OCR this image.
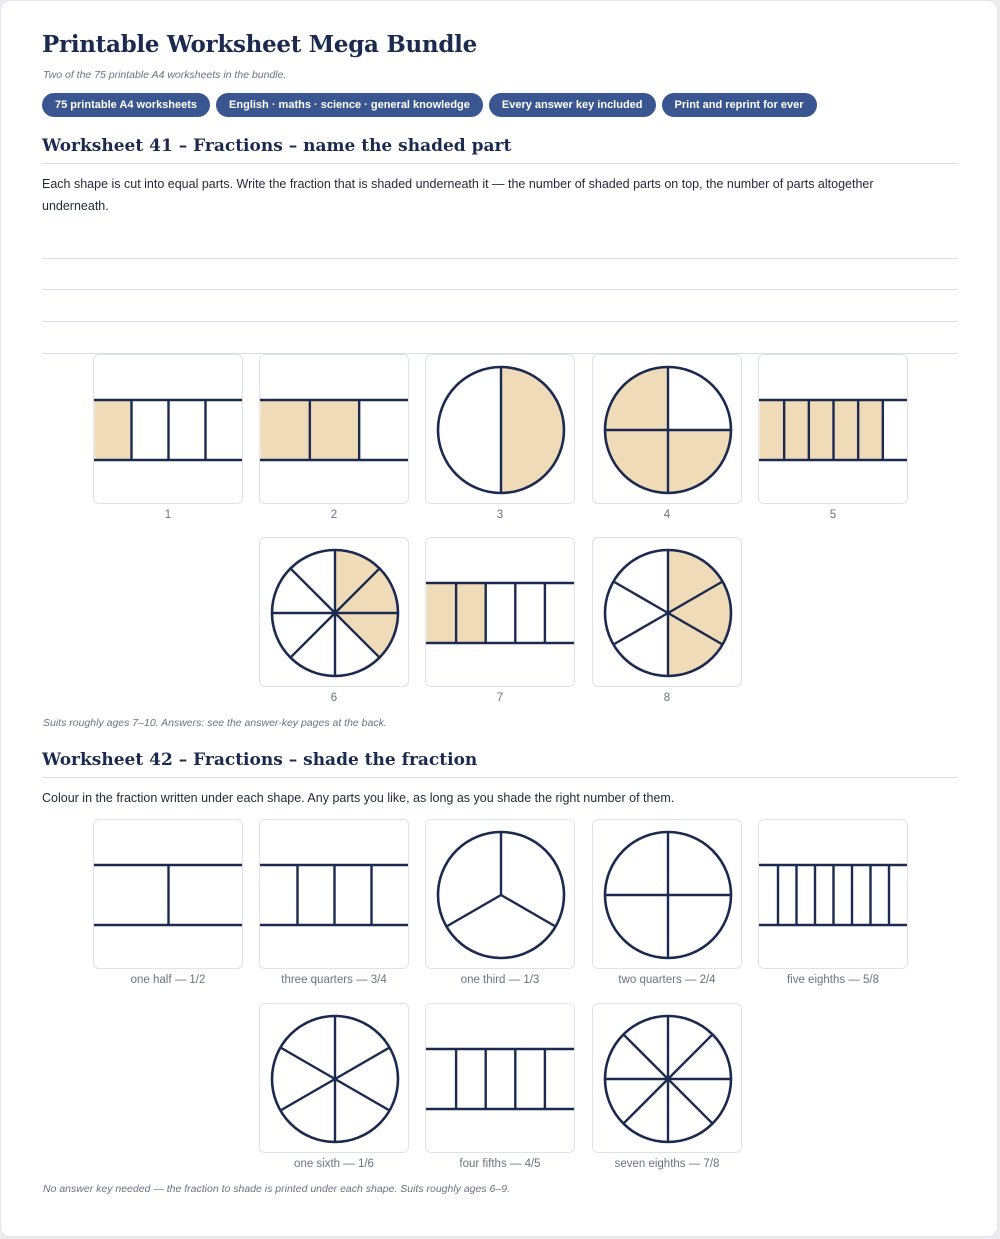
Printable Worksheet Mega Bundle
Two of the 75 printable A4 worksheets in the bundle.
75 printable A4 worksheets	English · maths · science · general knowledge	Every answer key included	Print and reprint for ever
Worksheet 41 – Fractions – name the shaded part

Each shape is cut into equal parts. Write the fraction that is shaded underneath it — the number of shaded parts on top, the number of parts altogether underneath.

Suits roughly ages 7–10. Answers: see the answer-key pages at the back.
Worksheet 42 – Fractions – shade the fraction

Colour in the fraction written under each shape. Any parts you like, as long as you shade the right number of them.

No answer key needed — the fraction to shade is printed under each shape. Suits roughly ages 6–9.
1	2	3	4	5
6	7	8
one half — 1/2	three quarters — 3/4	one third — 1/3	two quarters — 2/4	five eighths — 5/8
one sixth — 1/6	four fifths — 4/5	seven eighths — 7/8
